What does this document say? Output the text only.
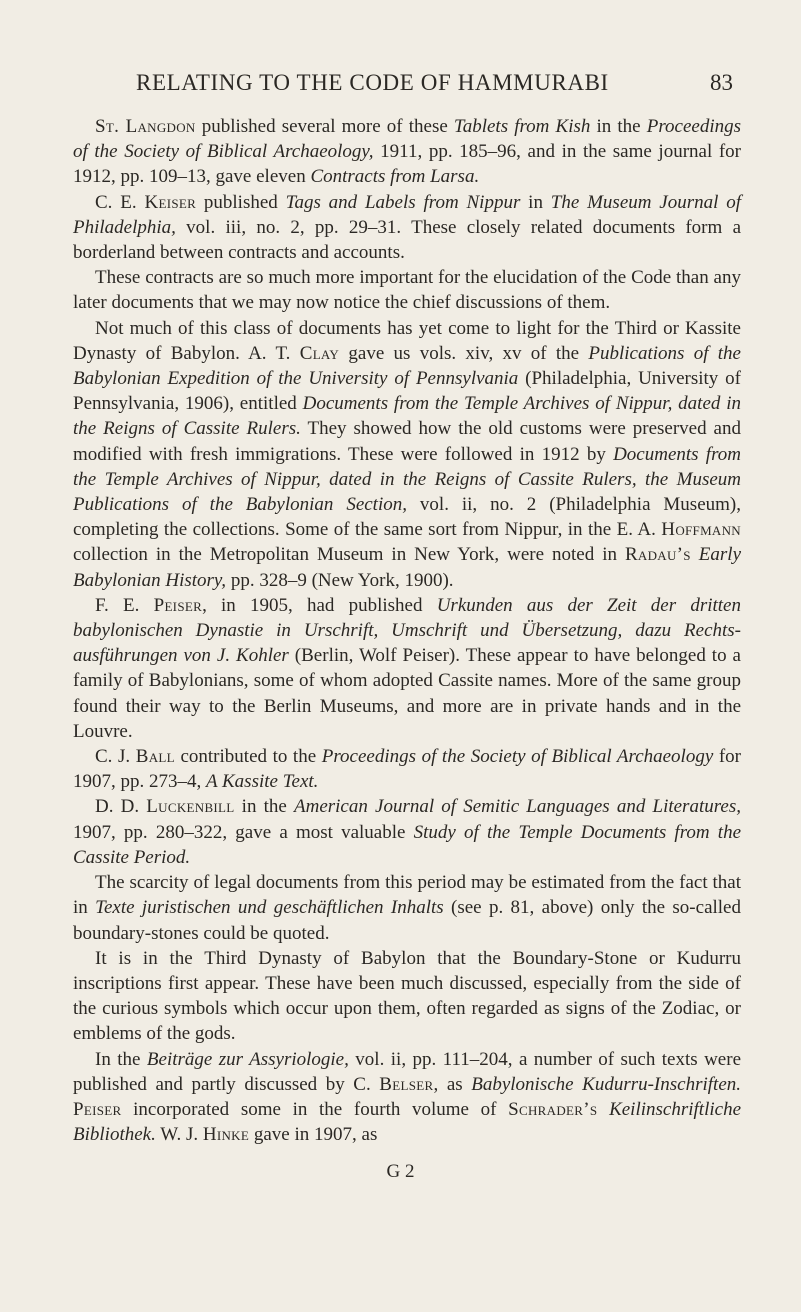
RELATING TO THE CODE OF HAMMURABI	83

St. Langdon published several more of these Tablets from Kish in the Proceedings of the Society of Biblical Archaeology, 1911, pp. 185–96, and in the same journal for 1912, pp. 109–13, gave eleven Contracts from Larsa.

C. E. Keiser published Tags and Labels from Nippur in The Museum Journal of Philadelphia, vol. iii, no. 2, pp. 29–31. These closely related documents form a borderland between contracts and accounts.

These contracts are so much more important for the elucidation of the Code than any later documents that we may now notice the chief discussions of them.

Not much of this class of documents has yet come to light for the Third or Kassite Dynasty of Babylon. A. T. Clay gave us vols. xiv, xv of the Publications of the Babylonian Expedition of the University of Pennsylvania (Philadelphia, University of Pennsylvania, 1906), entitled Documents from the Temple Archives of Nippur, dated in the Reigns of Cassite Rulers. They showed how the old customs were preserved and modified with fresh immigrations. These were followed in 1912 by Documents from the Temple Archives of Nippur, dated in the Reigns of Cassite Rulers, the Museum Publications of the Babylonian Section, vol. ii, no. 2 (Philadelphia Museum), completing the collections. Some of the same sort from Nippur, in the E. A. Hoffmann collection in the Metropolitan Museum in New York, were noted in Radau’s Early Babylonian History, pp. 328–9 (New York, 1900).

F. E. Peiser, in 1905, had published Urkunden aus der Zeit der dritten babylonischen Dynastie in Urschrift, Umschrift und Übersetzung, dazu Rechts-ausführungen von J. Kohler (Berlin, Wolf Peiser). These appear to have belonged to a family of Babylonians, some of whom adopted Cassite names. More of the same group found their way to the Berlin Museums, and more are in private hands and in the Louvre.

C. J. Ball contributed to the Proceedings of the Society of Biblical Archaeology for 1907, pp. 273–4, A Kassite Text.

D. D. Luckenbill in the American Journal of Semitic Languages and Literatures, 1907, pp. 280–322, gave a most valuable Study of the Temple Documents from the Cassite Period.

The scarcity of legal documents from this period may be estimated from the fact that in Texte juristischen und geschäftlichen Inhalts (see p. 81, above) only the so-called boundary-stones could be quoted.

It is in the Third Dynasty of Babylon that the Boundary-Stone or Kudurru inscriptions first appear. These have been much discussed, especially from the side of the curious symbols which occur upon them, often regarded as signs of the Zodiac, or emblems of the gods.

In the Beiträge zur Assyriologie, vol. ii, pp. 111–204, a number of such texts were published and partly discussed by C. Belser, as Babylonische Kudurru-Inschriften. Peiser incorporated some in the fourth volume of Schrader’s Keilinschriftliche Bibliothek. W. J. Hinke gave in 1907, as

G 2
